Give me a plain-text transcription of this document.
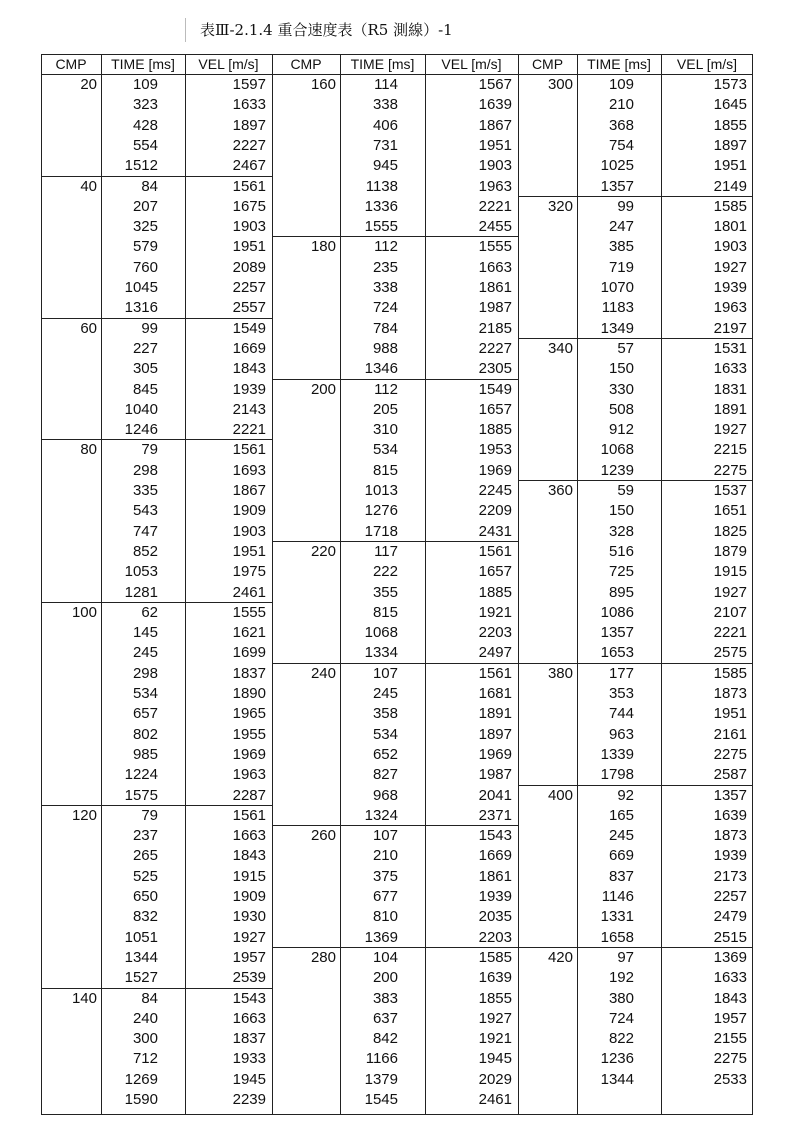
表Ⅲ-2.1.4 重合速度表（R5 測線）-1
CMP	TIME [ms]	VEL [m/s]
20	109	1597
323	1633
428	1897
554	2227
1512	2467
40	84	1561
207	1675
325	1903
579	1951
760	2089
1045	2257
1316	2557
60	99	1549
227	1669
305	1843
845	1939
1040	2143
1246	2221
80	79	1561
298	1693
335	1867
543	1909
747	1903
852	1951
1053	1975
1281	2461
100	62	1555
145	1621
245	1699
298	1837
534	1890
657	1965
802	1955
985	1969
1224	1963
1575	2287
120	79	1561
237	1663
265	1843
525	1915
650	1909
832	1930
1051	1927
1344	1957
1527	2539
140	84	1543
240	1663
300	1837
712	1933
1269	1945
1590	2239
CMP	TIME [ms]	VEL [m/s]
160	114	1567
338	1639
406	1867
731	1951
945	1903
1138	1963
1336	2221
1555	2455
180	112	1555
235	1663
338	1861
724	1987
784	2185
988	2227
1346	2305
200	112	1549
205	1657
310	1885
534	1953
815	1969
1013	2245
1276	2209
1718	2431
220	117	1561
222	1657
355	1885
815	1921
1068	2203
1334	2497
240	107	1561
245	1681
358	1891
534	1897
652	1969
827	1987
968	2041
1324	2371
260	107	1543
210	1669
375	1861
677	1939
810	2035
1369	2203
280	104	1585
200	1639
383	1855
637	1927
842	1921
1166	1945
1379	2029
1545	2461
CMP	TIME [ms]	VEL [m/s]
300	109	1573
210	1645
368	1855
754	1897
1025	1951
1357	2149
320	99	1585
247	1801
385	1903
719	1927
1070	1939
1183	1963
1349	2197
340	57	1531
150	1633
330	1831
508	1891
912	1927
1068	2215
1239	2275
360	59	1537
150	1651
328	1825
516	1879
725	1915
895	1927
1086	2107
1357	2221
1653	2575
380	177	1585
353	1873
744	1951
963	2161
1339	2275
1798	2587
400	92	1357
165	1639
245	1873
669	1939
837	2173
1146	2257
1331	2479
1658	2515
420	97	1369
192	1633
380	1843
724	1957
822	2155
1236	2275
1344	2533
